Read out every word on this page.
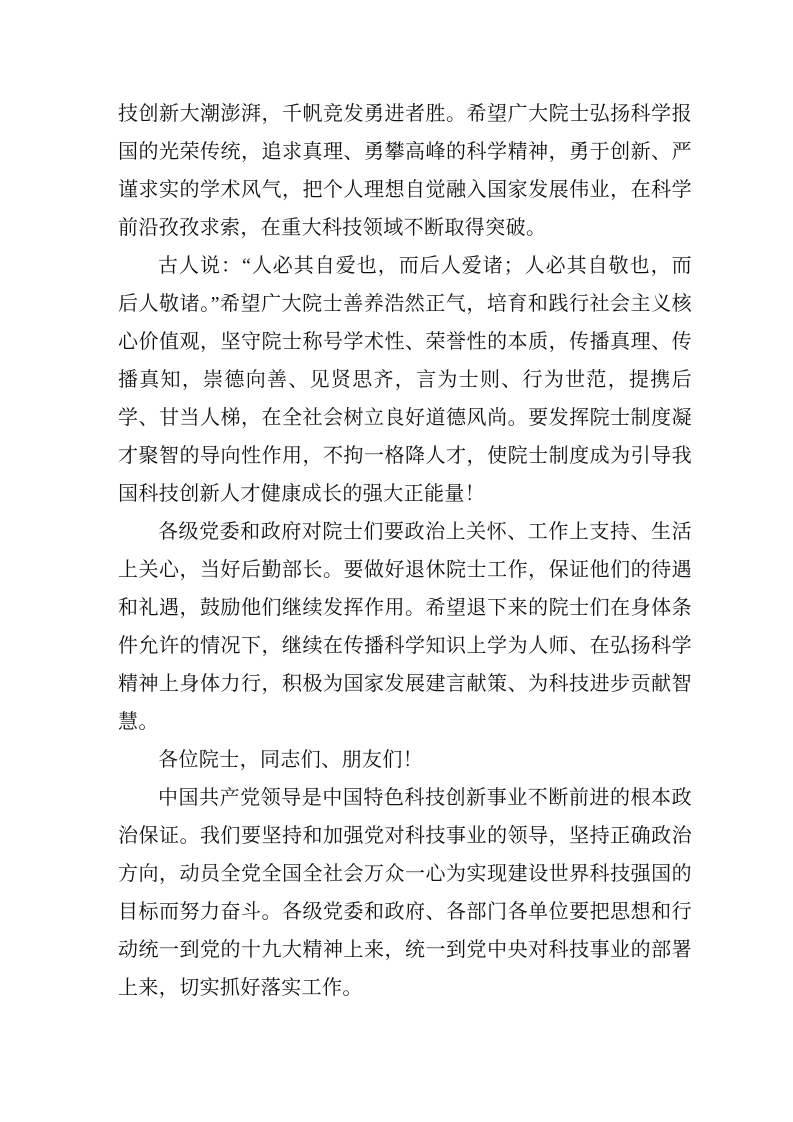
技创新大潮澎湃，千帆竞发勇进者胜。希望广大院士弘扬科学报国的光荣传统，追求真理、勇攀高峰的科学精神，勇于创新、严谨求实的学术风气，把个人理想自觉融入国家发展伟业，在科学前沿孜孜求索，在重大科技领域不断取得突破。

古人说：“人必其自爱也，而后人爱诸；人必其自敬也，而后人敬诸。”希望广大院士善养浩然正气，培育和践行社会主义核心价值观，坚守院士称号学术性、荣誉性的本质，传播真理、传播真知，崇德向善、见贤思齐，言为士则、行为世范，提携后学、甘当人梯，在全社会树立良好道德风尚。要发挥院士制度凝才聚智的导向性作用，不拘一格降人才，使院士制度成为引导我国科技创新人才健康成长的强大正能量！

各级党委和政府对院士们要政治上关怀、工作上支持、生活上关心，当好后勤部长。要做好退休院士工作，保证他们的待遇和礼遇，鼓励他们继续发挥作用。希望退下来的院士们在身体条件允许的情况下，继续在传播科学知识上学为人师、在弘扬科学精神上身体力行，积极为国家发展建言献策、为科技进步贡献智慧。

各位院士，同志们、朋友们！

中国共产党领导是中国特色科技创新事业不断前进的根本政治保证。我们要坚持和加强党对科技事业的领导，坚持正确政治方向，动员全党全国全社会万众一心为实现建设世界科技强国的目标而努力奋斗。各级党委和政府、各部门各单位要把思想和行动统一到党的十九大精神上来，统一到党中央对科技事业的部署上来，切实抓好落实工作。
